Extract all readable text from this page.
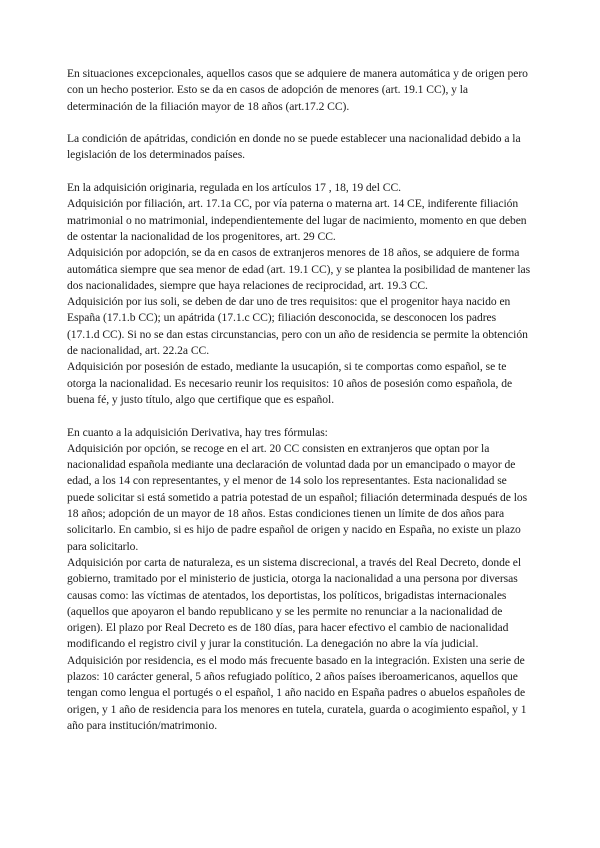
En situaciones excepcionales, aquellos casos que se adquiere de manera automática y de origen pero con un hecho posterior. Esto se da en casos de adopción de menores (art. 19.1 CC), y la determinación de la filiación mayor de 18 años (art.17.2 CC).

La condición de apátridas, condición en donde no se puede establecer una nacionalidad debido a la legislación de los determinados países.

En la adquisición originaria, regulada en los artículos 17 , 18, 19 del CC.

Adquisición por filiación, art. 17.1a CC, por vía paterna o materna art. 14 CE, indiferente filiación matrimonial o no matrimonial, independientemente del lugar de nacimiento, momento en que deben de ostentar la nacionalidad de los progenitores, art. 29 CC.

Adquisición por adopción, se da en casos de extranjeros menores de 18 años, se adquiere de forma automática siempre que sea menor de edad (art. 19.1 CC), y se plantea la posibilidad de mantener las dos nacionalidades, siempre que haya relaciones de reciprocidad, art. 19.3 CC.

Adquisición por ius soli, se deben de dar uno de tres requisitos: que el progenitor haya nacido en España (17.1.b CC); un apátrida (17.1.c CC); filiación desconocida, se desconocen los padres (17.1.d CC). Si no se dan estas circunstancias, pero con un año de residencia se permite la obtención de nacionalidad, art. 22.2a CC.

Adquisición por posesión de estado, mediante la usucapión, si te comportas como español, se te otorga la nacionalidad. Es necesario reunir los requisitos: 10 años de posesión como española, de buena fé, y justo título, algo que certifique que es español.

En cuanto a la adquisición Derivativa, hay tres fórmulas:

Adquisición por opción, se recoge en el art. 20 CC consisten en extranjeros que optan por la nacionalidad española mediante una declaración de voluntad dada por un emancipado o mayor de edad, a los 14 con representantes, y el menor de 14 solo los representantes. Esta nacionalidad se puede solicitar si está sometido a patria potestad de un español; filiación determinada después de los 18 años; adopción de un mayor de 18 años. Estas condiciones tienen un límite de dos años para solicitarlo. En cambio, si es hijo de padre español de origen y nacido en España, no existe un plazo para solicitarlo.

Adquisición por carta de naturaleza, es un sistema discrecional, a través del Real Decreto, donde el gobierno, tramitado por el ministerio de justicia, otorga la nacionalidad a una persona por diversas causas como: las víctimas de atentados, los deportistas, los políticos, brigadistas internacionales (aquellos que apoyaron el bando republicano y se les permite no renunciar a la nacionalidad de origen). El plazo por Real Decreto es de 180 días, para hacer efectivo el cambio de nacionalidad modificando el registro civil y jurar la constitución. La denegación no abre la vía judicial.

Adquisición por residencia, es el modo más frecuente basado en la integración. Existen una serie de plazos: 10 carácter general, 5 años refugiado político, 2 años países iberoamericanos, aquellos que tengan como lengua el portugés o el español, 1 año nacido en España padres o abuelos españoles de origen, y 1 año de residencia para los menores en tutela, curatela, guarda o acogimiento español, y 1 año para institución/matrimonio.
